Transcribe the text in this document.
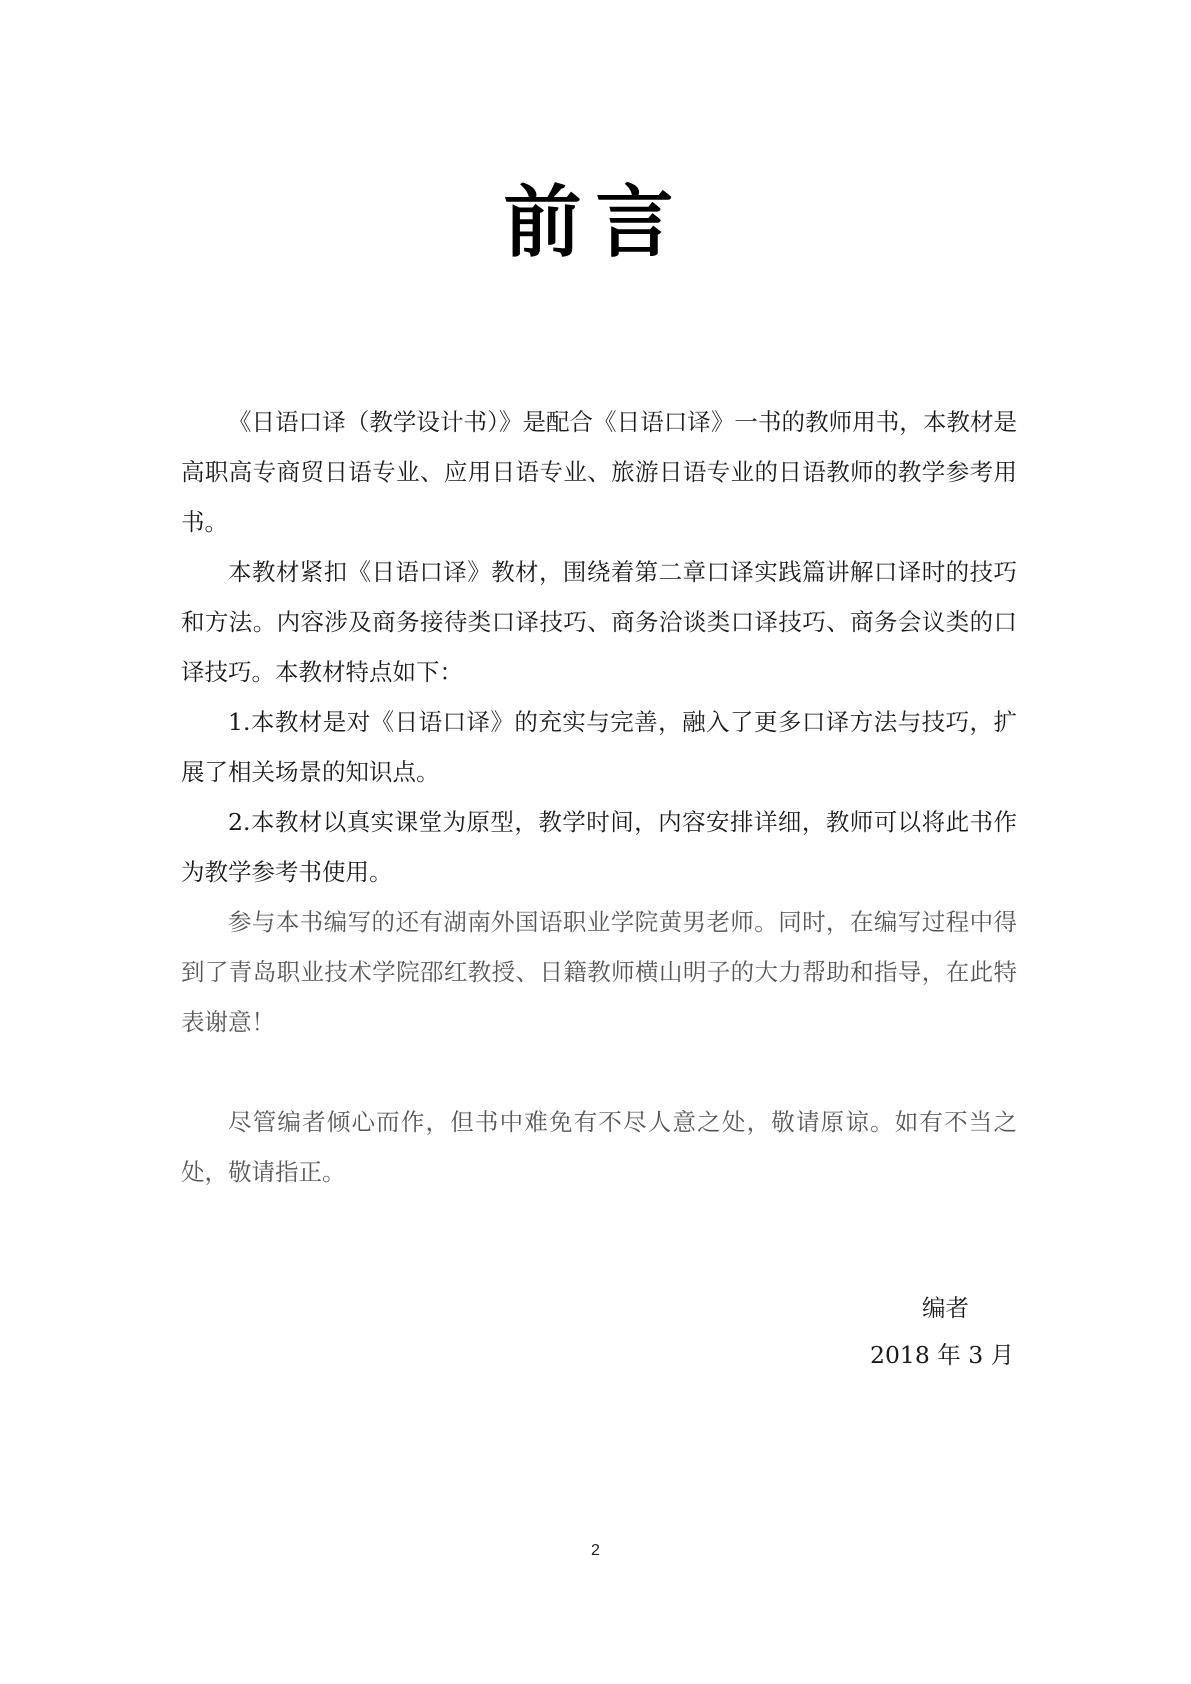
前言

《日语口译（教学设计书）》是配合《日语口译》一书的教师用书，本教材是高职高专商贸日语专业、应用日语专业、旅游日语专业的日语教师的教学参考用书。

本教材紧扣《日语口译》教材，围绕着第二章口译实践篇讲解口译时的技巧和方法。内容涉及商务接待类口译技巧、商务洽谈类口译技巧、商务会议类的口译技巧。本教材特点如下：

1.本教材是对《日语口译》的充实与完善，融入了更多口译方法与技巧，扩展了相关场景的知识点。

2.本教材以真实课堂为原型，教学时间，内容安排详细，教师可以将此书作为教学参考书使用。

参与本书编写的还有湖南外国语职业学院黄男老师。同时，在编写过程中得到了青岛职业技术学院邵红教授、日籍教师横山明子的大力帮助和指导，在此特表谢意！

尽管编者倾心而作，但书中难免有不尽人意之处，敬请原谅。如有不当之处，敬请指正。

编者
2018 年 3 月
2
